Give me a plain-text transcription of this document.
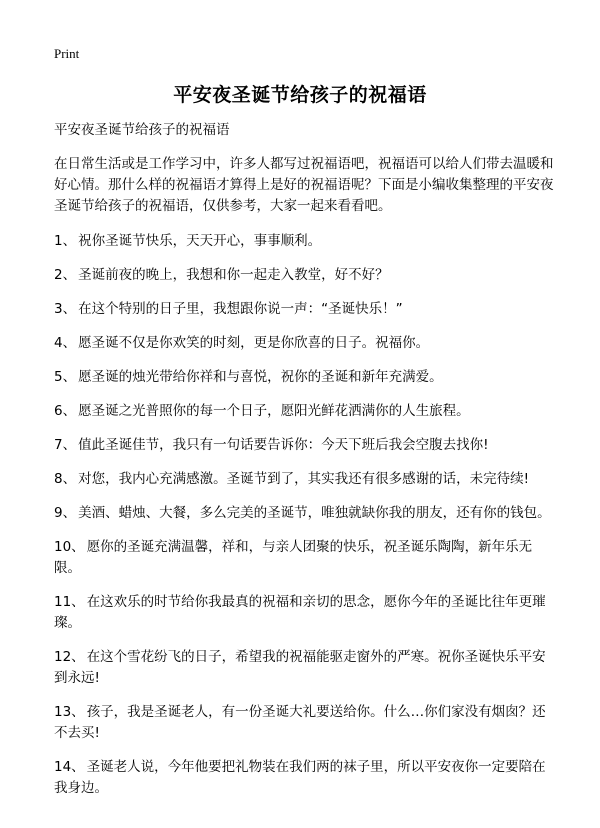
Print
平安夜圣诞节给孩子的祝福语

平安夜圣诞节给孩子的祝福语

在日常生活或是工作学习中，许多人都写过祝福语吧，祝福语可以给人们带去温暖和好心情。那什么样的祝福语才算得上是好的祝福语呢？下面是小编收集整理的平安夜圣诞节给孩子的祝福语，仅供参考，大家一起来看看吧。

1、 祝你圣诞节快乐，天天开心，事事顺利。

2、 圣诞前夜的晚上，我想和你一起走入教堂，好不好？

3、 在这个特别的日子里，我想跟你说一声：“圣诞快乐！”

4、 愿圣诞不仅是你欢笑的时刻，更是你欣喜的日子。祝福你。

5、 愿圣诞的烛光带给你祥和与喜悦，祝你的圣诞和新年充满爱。

6、 愿圣诞之光普照你的每一个日子，愿阳光鲜花洒满你的人生旅程。

7、 值此圣诞佳节，我只有一句话要告诉你：今天下班后我会空腹去找你!

8、 对您，我内心充满感激。圣诞节到了，其实我还有很多感谢的话，未完待续!

9、 美酒、蜡烛、大餐，多么完美的圣诞节，唯独就缺你我的朋友，还有你的钱包。

10、 愿你的圣诞充满温馨，祥和，与亲人团聚的快乐，祝圣诞乐陶陶，新年乐无限。

11、 在这欢乐的时节给你我最真的祝福和亲切的思念，愿你今年的圣诞比往年更璀璨。

12、 在这个雪花纷飞的日子，希望我的祝福能驱走窗外的严寒。祝你圣诞快乐平安到永远!

13、 孩子，我是圣诞老人，有一份圣诞大礼要送给你。什么…你们家没有烟囱？还不去买!

14、 圣诞老人说，今年他要把礼物装在我们两的袜子里，所以平安夜你一定要陪在我身边。
